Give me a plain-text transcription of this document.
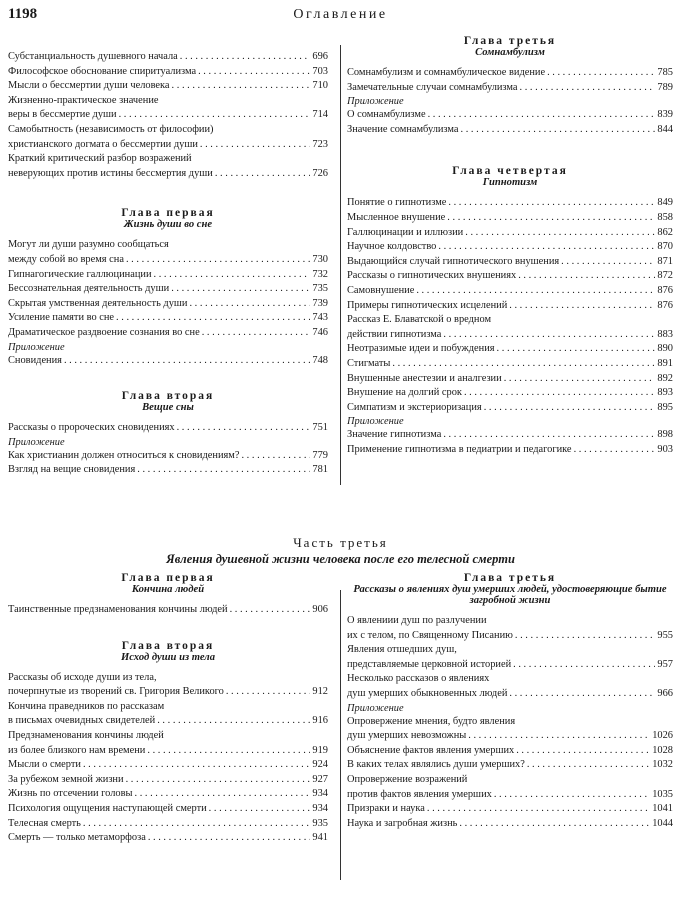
1198	Оглавление
Субстанциальность душевного начала . . .	696
Философское обоснование спиритуализма . . .	703
Мысли о бессмертии души человека . . .	710
Жизненно-практическое значение
веры в бессмертие души . . .	714
Самобытность (независимость от философии)
христианского догмата о бессмертии души . . .	723
Краткий критический разбор возражений
неверующих против истины бессмертия души . . .	726
Глава первая
Жизнь души во сне
Могут ли души разумно сообщаться
между собой во время сна . . .	730
Гипнагогические галлюцинации . . .	732
Бессознательная деятельность души . . .	735
Скрытая умственная деятельность души . . .	739
Усиление памяти во сне . . .	743
Драматическое раздвоение сознания во сне . . .	746
Приложение
Сновидения . . .	748
Глава вторая
Вещие сны
Рассказы о пророческих сновидениях . . .	751
Приложение
Как христианин должен относиться к сновидениям? . . .	779
Взгляд на вещие сновидения . . .	781
Глава третья
Сомнамбулизм
Сомнамбулизм и сомнамбулическое видение . . .	785
Замечательные случаи сомнамбулизма . . .	789
Приложение
О сомнамбулизме . . .	839
Значение сомнамбулизма . . .	844
Глава четвертая
Гипнотизм
Понятие о гипнотизме . . .	849
Мысленное внушение . . .	858
Галлюцинации и иллюзии . . .	862
Научное колдовство . . .	870
Выдающийся случай гипнотического внушения . . .	871
Рассказы о гипнотических внушениях . . .	872
Самовнушение . . .	876
Примеры гипнотических исцелений . . .	876
Рассказ Е. Блаватской о вредном
действии гипнотизма . . .	883
Неотразимые идеи и побуждения . . .	890
Стигматы . . .	891
Внушенные анестезии и аналгезии . . .	892
Внушение на долгий срок . . .	893
Симпатизм и экстериоризация . . .	895
Приложение
Значение гипнотизма . . .	898
Применение гипнотизма в педиатрии и педагогике . . .	903
Часть третья
Явления душевной жизни человека после его телесной смерти
Глава первая
Кончина людей
Таинственные предзнаменования кончины людей . . .	906
Глава вторая
Исход души из тела
Рассказы об исходе души из тела,
почерпнутые из творений св. Григория Великого . . .	912
Кончина праведников по рассказам
в письмах очевидных свидетелей . . .	916
Предзнаменования кончины людей
из более близкого нам времени . . .	919
Мысли о смерти . . .	924
За рубежом земной жизни . . .	927
Жизнь по отсечении головы . . .	934
Психология ощущения наступающей смерти . . .	934
Телесная смерть . . .	935
Смерть — только метаморфоза . . .	941
Глава третья
Рассказы о явлениях душ умерших людей, удостоверяющие бытие загробной жизни
О явлениии душ по разлучении
их с телом, по Священному Писанию . . .	955
Явления отшедших душ,
представляемые церковной историей . . .	957
Несколько рассказов о явлениях
душ умерших обыкновенных людей . . .	966
Приложение
Опровержение мнения, будто явления
душ умерших невозможны . . .	1026
Объяснение фактов явления умерших . . .	1028
В каких телах являлись души умерших? . . .	1032
Опровержение возражений
против фактов явления умерших . . .	1035
Призраки и наука . . .	1041
Наука и загробная жизнь . . .	1044
